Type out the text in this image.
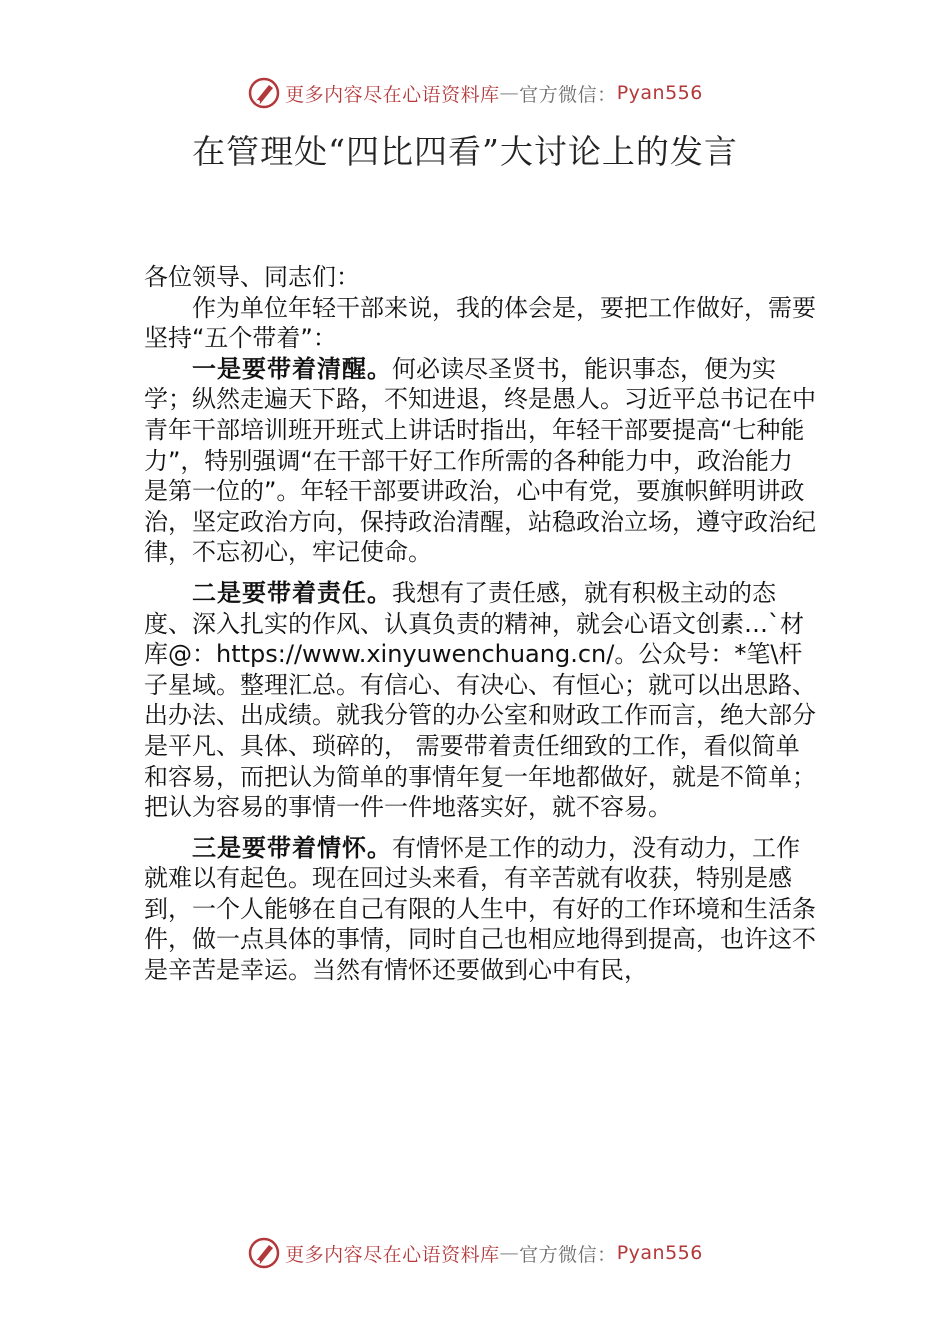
更多内容尽在心语资料库 — 官方微信： Pyan556
在管理处“四比四看”大讨论上的发言

各位领导、同志们：

作为单位年轻干部来说，我的体会是，要把工作做好，需要坚持“五个带着”：

一是要带着清醒。何必读尽圣贤书，能识事态，便为实学；纵然走遍天下路，不知进退，终是愚人。习近平总书记在中青年干部培训班开班式上讲话时指出，年轻干部要提高“七种能力”，特别强调“在干部干好工作所需的各种能力中，政治能力是第一位的”。年轻干部要讲政治，心中有党，要旗帜鲜明讲政治，坚定政治方向，保持政治清醒，站稳政治立场，遵守政治纪律，不忘初心，牢记使命。

二是要带着责任。我想有了责任感，就有积极主动的态度、深入扎实的作风、认真负责的精神，就会心语文创素…`材库@：https://www.xinyuwenchuang.cn/。公众号：*笔\杆子星域。整理汇总。有信心、有决心、有恒心；就可以出思路、出办法、出成绩。就我分管的办公室和财政工作而言，绝大部分是平凡、具体、琐碎的， 需要带着责任细致的工作，看似简单和容易，而把认为简单的事情年复一年地都做好，就是不简单；把认为容易的事情一件一件地落实好，就不容易。

三是要带着情怀。有情怀是工作的动力，没有动力，工作就难以有起色。现在回过头来看，有辛苦就有收获，特别是感到，一个人能够在自己有限的人生中，有好的工作环境和生活条件，做一点具体的事情，同时自己也相应地得到提高，也许这不是辛苦是幸运。当然有情怀还要做到心中有民，

更多内容尽在心语资料库 — 官方微信： Pyan556
